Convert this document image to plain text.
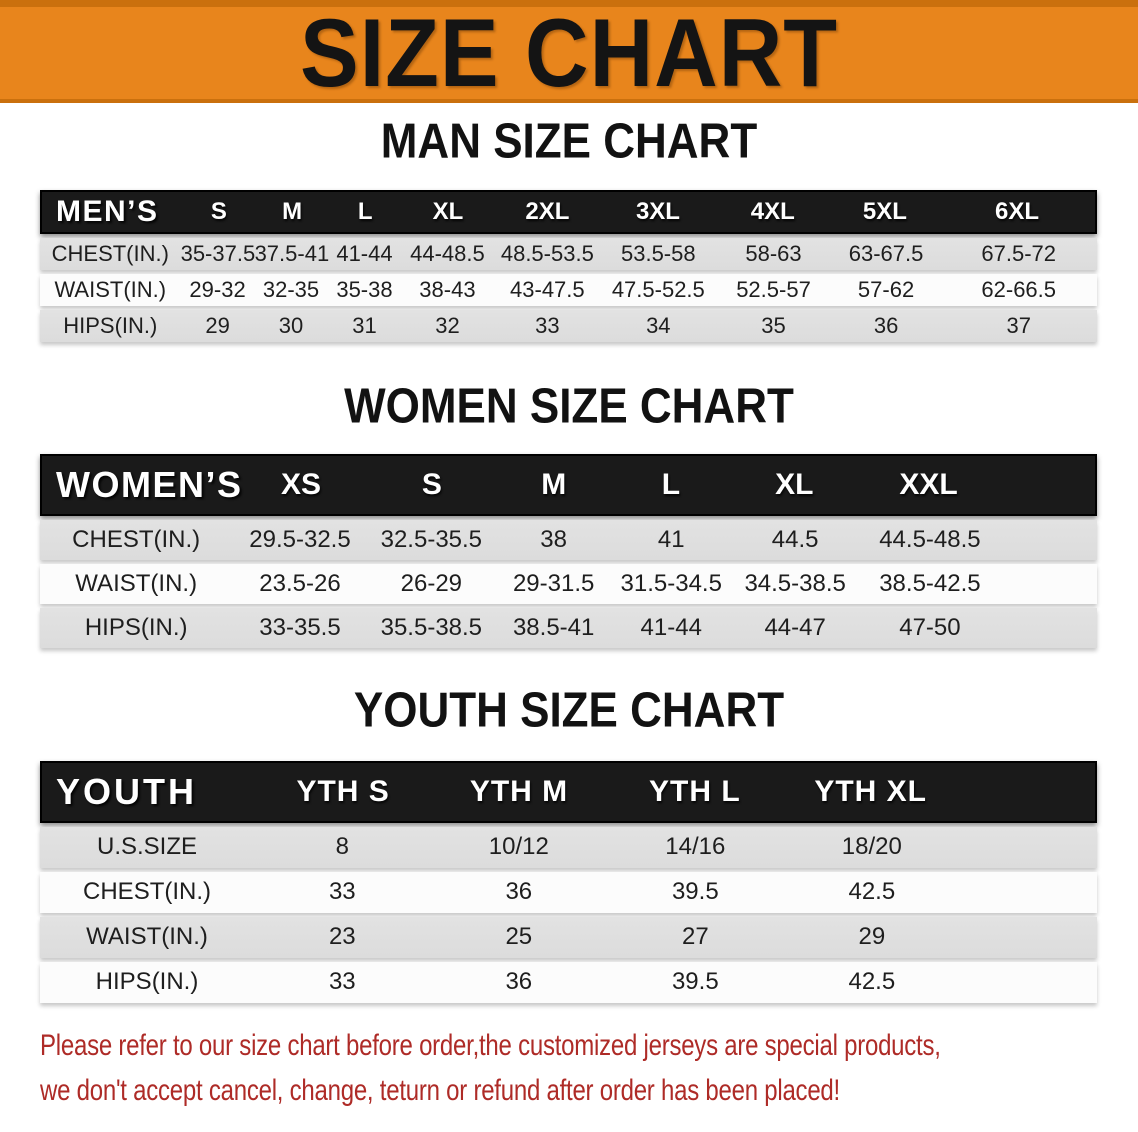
SIZE CHART
MAN SIZE CHART
MEN’S	S	M	L	XL	2XL	3XL	4XL	5XL	6XL
CHEST(IN.) 35-37.5 37.5-41 41-44 44-48.5 48.5-53.5	53.5-58	58-63	63-67.5	67.5-72
WAIST(IN.)	29-32 32-35 35-38	38-43	43-47.5	47.5-52.5	52.5-57	57-62	62-66.5
HIPS(IN.)	29	30	31	32	33	34	35	36	37
WOMEN SIZE CHART
WOMEN’S	XS	S	M	L	XL	XXL
CHEST(IN.)	29.5-32.5	32.5-35.5	38	41	44.5	44.5-48.5
WAIST(IN.)	23.5-26	26-29	29-31.5	31.5-34.5 34.5-38.5	38.5-42.5
HIPS(IN.)	33-35.5	35.5-38.5	38.5-41	41-44	44-47	47-50
YOUTH SIZE CHART
YOUTH	YTH S	YTH M	YTH L	YTH XL
U.S.SIZE	8	10/12	14/16	18/20
CHEST(IN.)	33	36	39.5	42.5
WAIST(IN.)	23	25	27	29
HIPS(IN.)	33	36	39.5	42.5

Please refer to our size chart before order,the customized jerseys are special products,

we don't accept cancel, change, teturn or refund after order has been placed!
